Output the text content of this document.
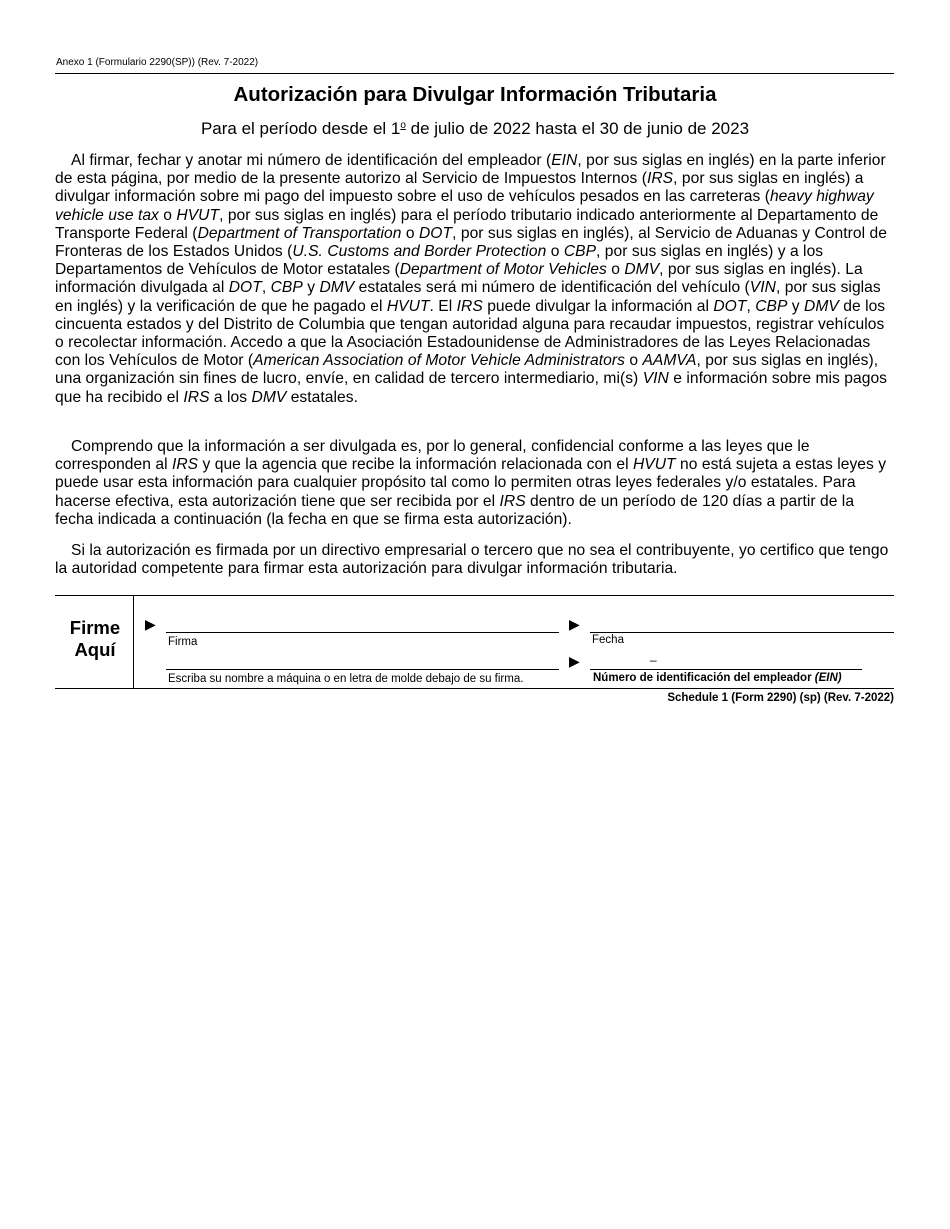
Anexo 1 (Formulario 2290(SP)) (Rev. 7-2022)
Autorización para Divulgar Información Tributaria
Para el período desde el 1$^o$ de julio de 2022 hasta el 30 de junio de 2023
Al firmar, fechar y anotar mi número de identificación del empleador (EIN, por sus siglas en inglés) en la parte inferior de esta página, por medio de la presente autorizo al Servicio de Impuestos Internos (IRS, por sus siglas en inglés) a divulgar información sobre mi pago del impuesto sobre el uso de vehículos pesados en las carreteras (heavy highway vehicle use tax o HVUT, por sus siglas en inglés) para el período tributario indicado anteriormente al Departamento de Transporte Federal (Department of Transportation o DOT, por sus siglas en inglés), al Servicio de Aduanas y Control de Fronteras de los Estados Unidos (U.S. Customs and Border Protection o CBP, por sus siglas en inglés) y a los Departamentos de Vehículos de Motor estatales (Department of Motor Vehicles o DMV, por sus siglas en inglés). La información divulgada al DOT, CBP y DMV estatales será mi número de identificación del vehículo (VIN, por sus siglas en inglés) y la verificación de que he pagado el HVUT. El IRS puede divulgar la información al DOT, CBP y DMV de los cincuenta estados y del Distrito de Columbia que tengan autoridad alguna para recaudar impuestos, registrar vehículos o recolectar información. Accedo a que la Asociación Estadounidense de Administradores de las Leyes Relacionadas con los Vehículos de Motor (American Association of Motor Vehicle Administrators o AAMVA, por sus siglas en inglés), una organización sin fines de lucro, envíe, en calidad de tercero intermediario, mi(s) VIN e información sobre mis pagos que ha recibido el IRS a los DMV estatales.
Comprendo que la información a ser divulgada es, por lo general, confidencial conforme a las leyes que le corresponden al IRS y que la agencia que recibe la información relacionada con el HVUT no está sujeta a estas leyes y puede usar esta información para cualquier propósito tal como lo permiten otras leyes federales y/o estatales. Para hacerse efectiva, esta autorización tiene que ser recibida por el IRS dentro de un período de 120 días a partir de la fecha indicada a continuación (la fecha en que se firma esta autorización).
Si la autorización es firmada por un directivo empresarial o tercero que no sea el contribuyente, yo certifico que tengo la autoridad competente para firmar esta autorización para divulgar información tributaria.
Firme
Aquí
▶
Firma
▶
Fecha
Escriba su nombre a máquina o en letra de molde debajo de su firma.
▶	–
Número de identificación del empleador (EIN)
Schedule 1 (Form 2290) (sp) (Rev. 7-2022)
